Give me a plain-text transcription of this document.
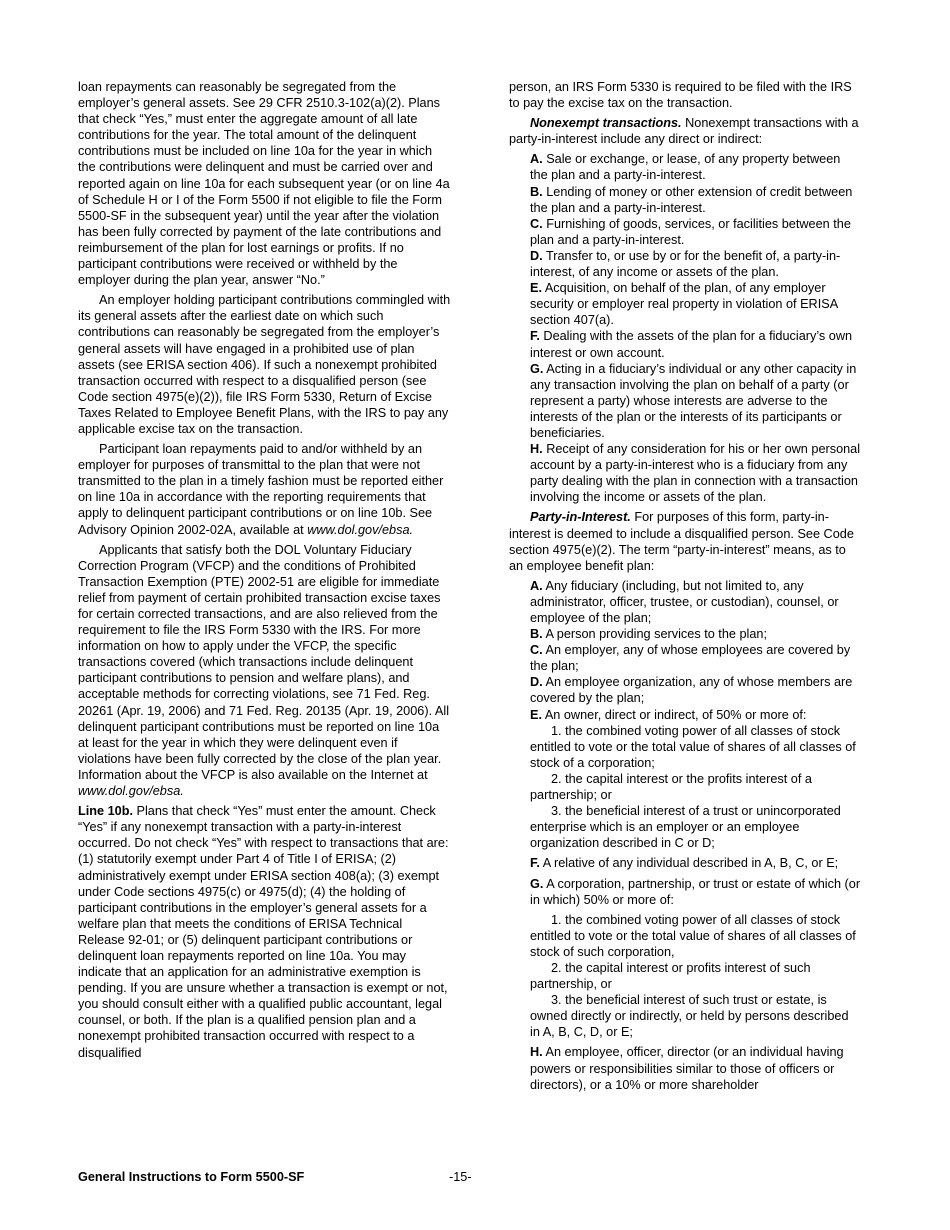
loan repayments can reasonably be segregated from the employer’s general assets. See 29 CFR 2510.3-102(a)(2). Plans that check “Yes,” must enter the aggregate amount of all late contributions for the year. The total amount of the delinquent contributions must be included on line 10a for the year in which the contributions were delinquent and must be carried over and reported again on line 10a for each subsequent year (or on line 4a of Schedule H or I of the Form 5500 if not eligible to file the Form 5500-SF in the subsequent year) until the year after the violation has been fully corrected by payment of the late contributions and reimbursement of the plan for lost earnings or profits. If no participant contributions were received or withheld by the employer during the plan year, answer “No.”

An employer holding participant contributions commingled with its general assets after the earliest date on which such contributions can reasonably be segregated from the employer’s general assets will have engaged in a prohibited use of plan assets (see ERISA section 406). If such a nonexempt prohibited transaction occurred with respect to a disqualified person (see Code section 4975(e)(2)), file IRS Form 5330, Return of Excise Taxes Related to Employee Benefit Plans, with the IRS to pay any applicable excise tax on the transaction.

Participant loan repayments paid to and/or withheld by an employer for purposes of transmittal to the plan that were not transmitted to the plan in a timely fashion must be reported either on line 10a in accordance with the reporting requirements that apply to delinquent participant contributions or on line 10b. See Advisory Opinion 2002-02A, available at www.dol.gov/ebsa.

Applicants that satisfy both the DOL Voluntary Fiduciary Correction Program (VFCP) and the conditions of Prohibited Transaction Exemption (PTE) 2002-51 are eligible for immediate relief from payment of certain prohibited transaction excise taxes for certain corrected transactions, and are also relieved from the requirement to file the IRS Form 5330 with the IRS. For more information on how to apply under the VFCP, the specific transactions covered (which transactions include delinquent participant contributions to pension and welfare plans), and acceptable methods for correcting violations, see 71 Fed. Reg. 20261 (Apr. 19, 2006) and 71 Fed. Reg. 20135 (Apr. 19, 2006). All delinquent participant contributions must be reported on line 10a at least for the year in which they were delinquent even if violations have been fully corrected by the close of the plan year. Information about the VFCP is also available on the Internet at www.dol.gov/ebsa.

Line 10b. Plans that check “Yes” must enter the amount. Check “Yes” if any nonexempt transaction with a party-in-interest occurred. Do not check “Yes” with respect to transactions that are: (1) statutorily exempt under Part 4 of Title I of ERISA; (2) administratively exempt under ERISA section 408(a); (3) exempt under Code sections 4975(c) or 4975(d); (4) the holding of participant contributions in the employer’s general assets for a welfare plan that meets the conditions of ERISA Technical Release 92-01; or (5) delinquent participant contributions or delinquent loan repayments reported on line 10a. You may indicate that an application for an administrative exemption is pending. If you are unsure whether a transaction is exempt or not, you should consult either with a qualified public accountant, legal counsel, or both. If the plan is a qualified pension plan and a nonexempt prohibited transaction occurred with respect to a disqualified

person, an IRS Form 5330 is required to be filed with the IRS to pay the excise tax on the transaction.

Nonexempt transactions. Nonexempt transactions with a party-in-interest include any direct or indirect:

A. Sale or exchange, or lease, of any property between the plan and a party-in-interest.

B. Lending of money or other extension of credit between the plan and a party-in-interest.

C. Furnishing of goods, services, or facilities between the plan and a party-in-interest.

D. Transfer to, or use by or for the benefit of, a party-in-interest, of any income or assets of the plan.

E. Acquisition, on behalf of the plan, of any employer security or employer real property in violation of ERISA section 407(a).

F. Dealing with the assets of the plan for a fiduciary’s own interest or own account.

G. Acting in a fiduciary’s individual or any other capacity in any transaction involving the plan on behalf of a party (or represent a party) whose interests are adverse to the interests of the plan or the interests of its participants or beneficiaries.

H. Receipt of any consideration for his or her own personal account by a party-in-interest who is a fiduciary from any party dealing with the plan in connection with a transaction involving the income or assets of the plan.

Party-in-Interest. For purposes of this form, party-in-interest is deemed to include a disqualified person. See Code section 4975(e)(2). The term “party-in-interest” means, as to an employee benefit plan:

A. Any fiduciary (including, but not limited to, any administrator, officer, trustee, or custodian), counsel, or employee of the plan;

B. A person providing services to the plan;

C. An employer, any of whose employees are covered by the plan;

D. An employee organization, any of whose members are covered by the plan;

E. An owner, direct or indirect, of 50% or more of:

1. the combined voting power of all classes of stock entitled to vote or the total value of shares of all classes of stock of a corporation;

2. the capital interest or the profits interest of a partnership; or

3. the beneficial interest of a trust or unincorporated enterprise which is an employer or an employee organization described in C or D;

F. A relative of any individual described in A, B, C, or E;

G. A corporation, partnership, or trust or estate of which (or in which) 50% or more of:

1. the combined voting power of all classes of stock entitled to vote or the total value of shares of all classes of stock of such corporation,

2. the capital interest or profits interest of such partnership, or

3. the beneficial interest of such trust or estate, is owned directly or indirectly, or held by persons described in A, B, C, D, or E;

H. An employee, officer, director (or an individual having powers or responsibilities similar to those of officers or directors), or a 10% or more shareholder

General Instructions to Form 5500-SF	-15-
